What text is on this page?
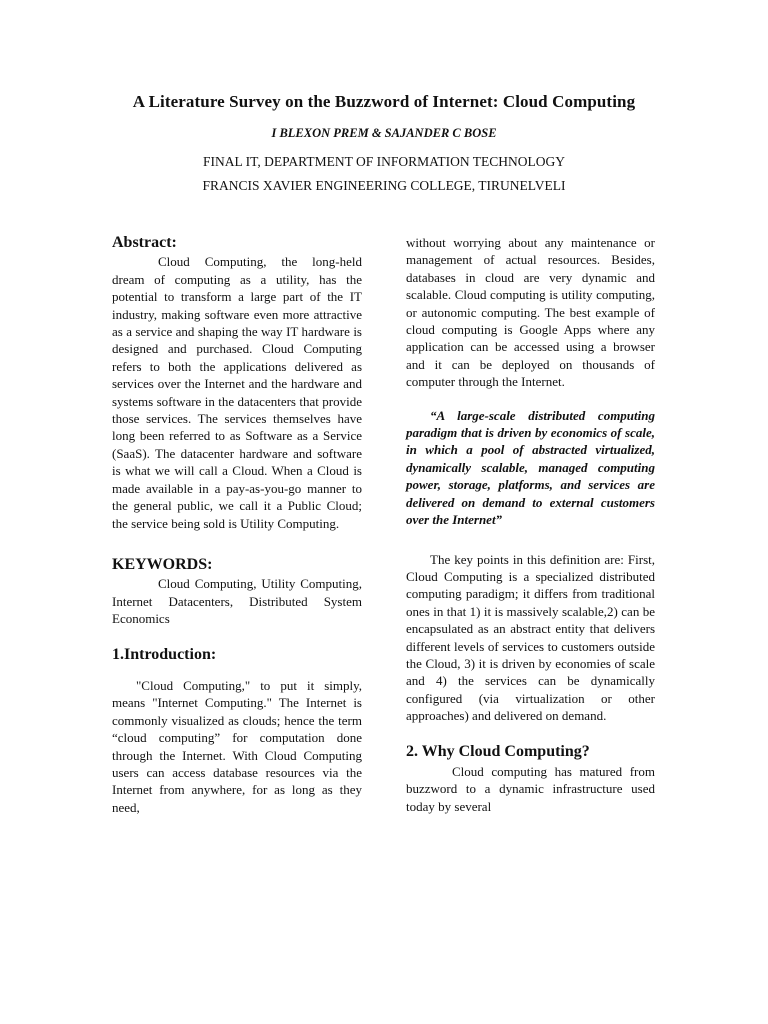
A Literature Survey on the Buzzword of Internet: Cloud Computing
I BLEXON PREM & SAJANDER C BOSE
FINAL IT, DEPARTMENT OF INFORMATION TECHNOLOGY
FRANCIS XAVIER ENGINEERING COLLEGE, TIRUNELVELI
Abstract:

Cloud Computing, the long-held dream of computing as a utility, has the potential to transform a large part of the IT industry, making software even more attractive as a service and shaping the way IT hardware is designed and purchased. Cloud Computing refers to both the applications delivered as services over the Internet and the hardware and systems software in the datacenters that provide those services. The services themselves have long been referred to as Software as a Service (SaaS). The datacenter hardware and software is what we will call a Cloud. When a Cloud is made available in a pay-as-you-go manner to the general public, we call it a Public Cloud; the service being sold is Utility Computing.

KEYWORDS:

Cloud Computing, Utility Computing, Internet Datacenters, Distributed System Economics

1.Introduction:

"Cloud Computing," to put it simply, means "Internet Computing." The Internet is commonly visualized as clouds; hence the term “cloud computing” for computation done through the Internet. With Cloud Computing users can access database resources via the Internet from anywhere, for as long as they need,

without worrying about any maintenance or management of actual resources. Besides, databases in cloud are very dynamic and scalable. Cloud computing is utility computing, or autonomic computing. The best example of cloud computing is Google Apps where any application can be accessed using a browser and it can be deployed on thousands of computer through the Internet.

“A large-scale distributed computing paradigm that is driven by economics of scale, in which a pool of abstracted virtualized, dynamically scalable, managed computing power, storage, platforms, and services are delivered on demand to external customers over the Internet”

The key points in this definition are: First, Cloud Computing is a specialized distributed computing paradigm; it differs from traditional ones in that 1) it is massively scalable,2) can be encapsulated as an abstract entity that delivers different levels of services to customers outside the Cloud, 3) it is driven by economies of scale and 4) the services can be dynamically configured (via virtualization or other approaches) and delivered on demand.

2. Why Cloud Computing?

Cloud computing has matured from buzzword to a dynamic infrastructure used today by several
